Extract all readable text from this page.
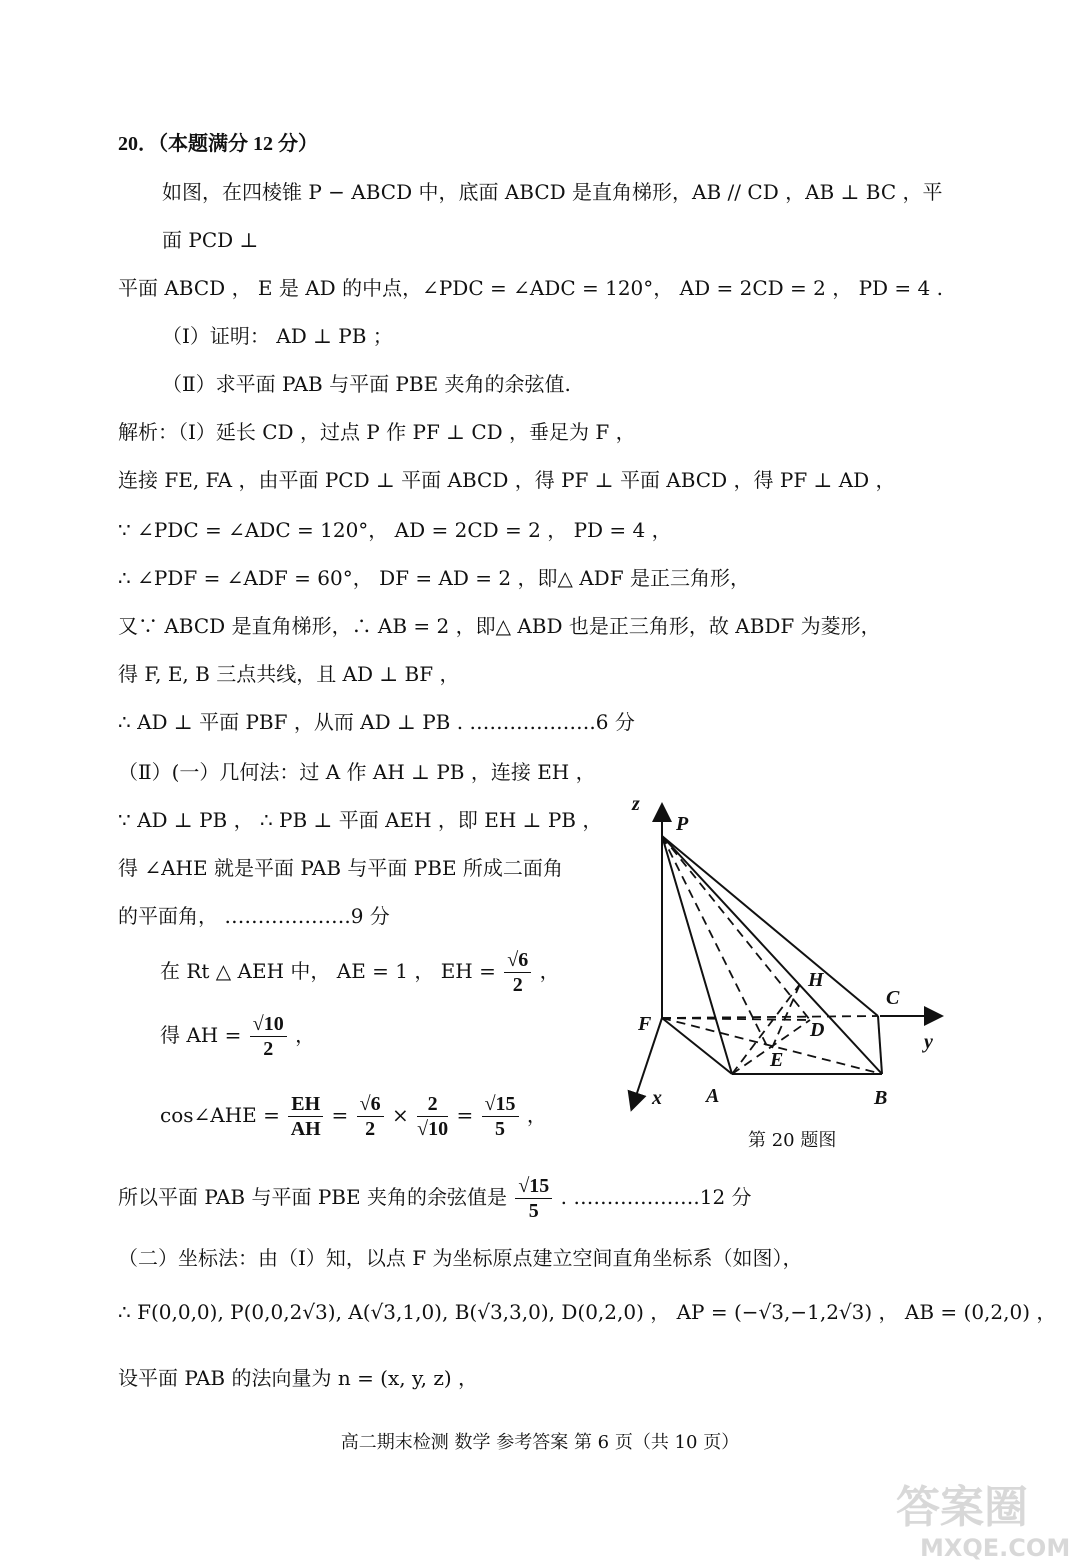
20．（本题满分 12 分）
如图，在四棱锥 P − ABCD 中，底面 ABCD 是直角梯形，AB // CD ，AB ⊥ BC ，平
面 PCD ⊥
平面 ABCD ， E 是 AD 的中点，∠PDC = ∠ADC = 120°， AD = 2CD = 2 ， PD = 4 .
（Ⅰ）证明： AD ⊥ PB ；
（Ⅱ）求平面 PAB 与平面 PBE 夹角的余弦值.
解析：（Ⅰ）延长 CD ，过点 P 作 PF ⊥ CD ，垂足为 F ，
连接 FE, FA ，由平面 PCD ⊥ 平面 ABCD ，得 PF ⊥ 平面 ABCD ，得 PF ⊥ AD ，
∵ ∠PDC = ∠ADC = 120°， AD = 2CD = 2 ， PD = 4 ，
∴ ∠PDF = ∠ADF = 60°， DF = AD = 2 ，即△ ADF 是正三角形，
又∵ ABCD 是直角梯形，∴ AB = 2 ，即△ ABD 也是正三角形，故 ABDF 为菱形，
得 F, E, B 三点共线，且 AD ⊥ BF ，
∴ AD ⊥ 平面 PBF ，从而 AD ⊥ PB . ……………….6 分
（Ⅱ）(一）几何法：过 A 作 AH ⊥ PB ，连接 EH ，
∵ AD ⊥ PB ， ∴ PB ⊥ 平面 AEH ，即 EH ⊥ PB ，
得 ∠AHE 就是平面 PAB 与平面 PBE 所成二面角
的平面角， ……………….9 分
在 Rt △ AEH 中， AE = 1 ， EH = $\frac{√6}{2}$ ，
得 AH = $\frac{√10}{2}$ ，
cos∠AHE = $\frac{EH}{AH} = \frac{√6}{2} \times \frac{2}{√10} = \frac{√15}{5}$ ，
所以平面 PAB 与平面 PBE 夹角的余弦值是 $\frac{√15}{5}$ . ……………….12 分
（二）坐标法：由（Ⅰ）知，以点 F 为坐标原点建立空间直角坐标系（如图），
∴ F(0,0,0), P(0,0,2√3), A(√3,1,0), B(√3,3,0), D(0,2,0) ， AP = (−√3,−1,2√3) ， AB = (0,2,0) ，
设平面 PAB 的法向量为 n = (x, y, z) ，
z
P
F
x A	B
C
y
D
E
H
第 20 题图
高二期末检测 数学 参考答案 第 6 页（共 10 页）
答案圈
MXQE.COM
